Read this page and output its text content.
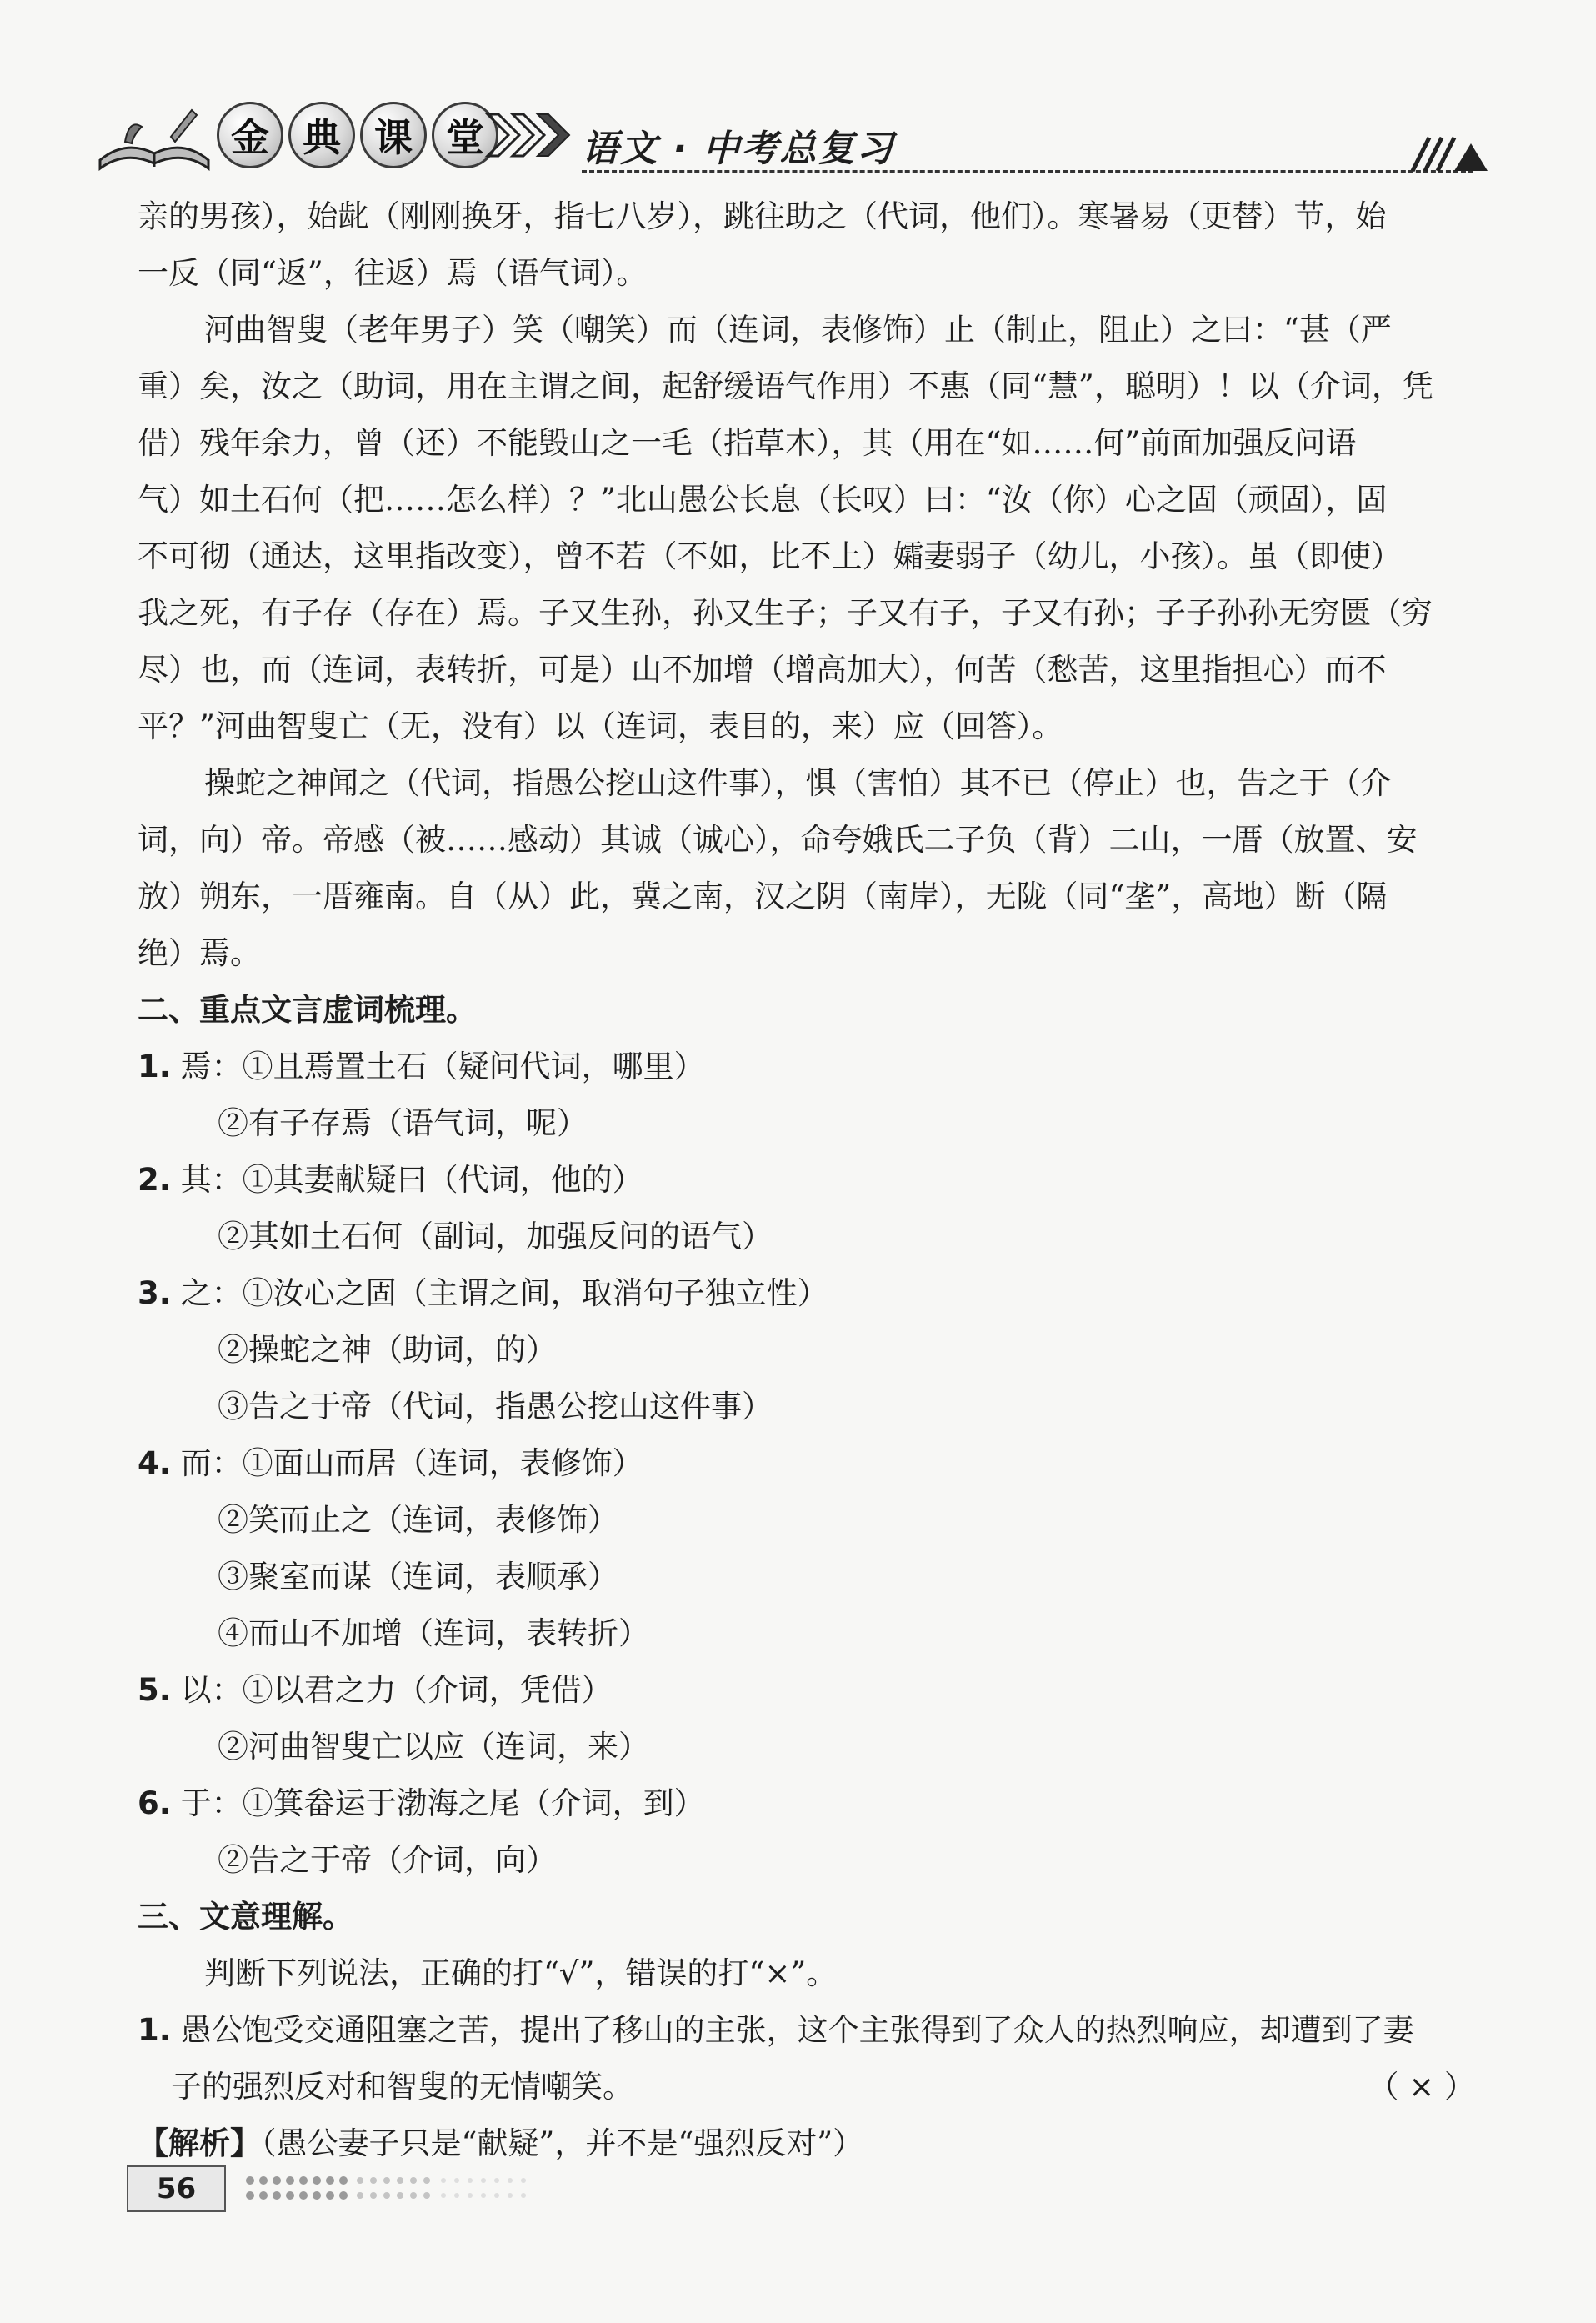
金 典 课 堂	语文 · 中考总复习
亲的男孩），始龀（刚刚换牙，指七八岁），跳往助之（代词，他们）。寒暑易（更替）节，始
一反（同“返”，往返）焉（语气词）。
河曲智叟（老年男子）笑（嘲笑）而（连词，表修饰）止（制止，阻止）之曰：“甚（严
重）矣，汝之（助词，用在主谓之间，起舒缓语气作用）不惠（同“慧”，聪明）！以（介词，凭
借）残年余力，曾（还）不能毁山之一毛（指草木），其（用在“如……何”前面加强反问语
气）如土石何（把……怎么样）？”北山愚公长息（长叹）曰：“汝（你）心之固（顽固），固
不可彻（通达，这里指改变），曾不若（不如，比不上）孀妻弱子（幼儿，小孩）。虽（即使）
我之死，有子存（存在）焉。子又生孙，孙又生子；子又有子，子又有孙；子子孙孙无穷匮（穷
尽）也，而（连词，表转折，可是）山不加增（增高加大），何苦（愁苦，这里指担心）而不
平？”河曲智叟亡（无，没有）以（连词，表目的，来）应（回答）。
操蛇之神闻之（代词，指愚公挖山这件事），惧（害怕）其不已（停止）也，告之于（介
词，向）帝。帝感（被……感动）其诚（诚心），命夸娥氏二子负（背）二山，一厝（放置、安
放）朔东，一厝雍南。自（从）此，冀之南，汉之阴（南岸），无陇（同“垄”，高地）断（隔
绝）焉。
二、重点文言虚词梳理。
1. 焉：①且焉置土石（疑问代词，哪里）
②有子存焉（语气词，呢）
2. 其：①其妻献疑曰（代词，他的）
②其如土石何（副词，加强反问的语气）
3. 之：①汝心之固（主谓之间，取消句子独立性）
②操蛇之神（助词，的）
③告之于帝（代词，指愚公挖山这件事）
4. 而：①面山而居（连词，表修饰）
②笑而止之（连词，表修饰）
③聚室而谋（连词，表顺承）
④而山不加增（连词，表转折）
5. 以：①以君之力（介词，凭借）
②河曲智叟亡以应（连词，来）
6. 于：①箕畚运于渤海之尾（介词，到）
②告之于帝（介词，向）
三、文意理解。
判断下列说法，正确的打“√”，错误的打“×”。
1. 愚公饱受交通阻塞之苦，提出了移山的主张，这个主张得到了众人的热烈响应，却遭到了妻
子的强烈反对和智叟的无情嘲笑。	（ × ）
【解析】（愚公妻子只是“献疑”，并不是“强烈反对”）
56
